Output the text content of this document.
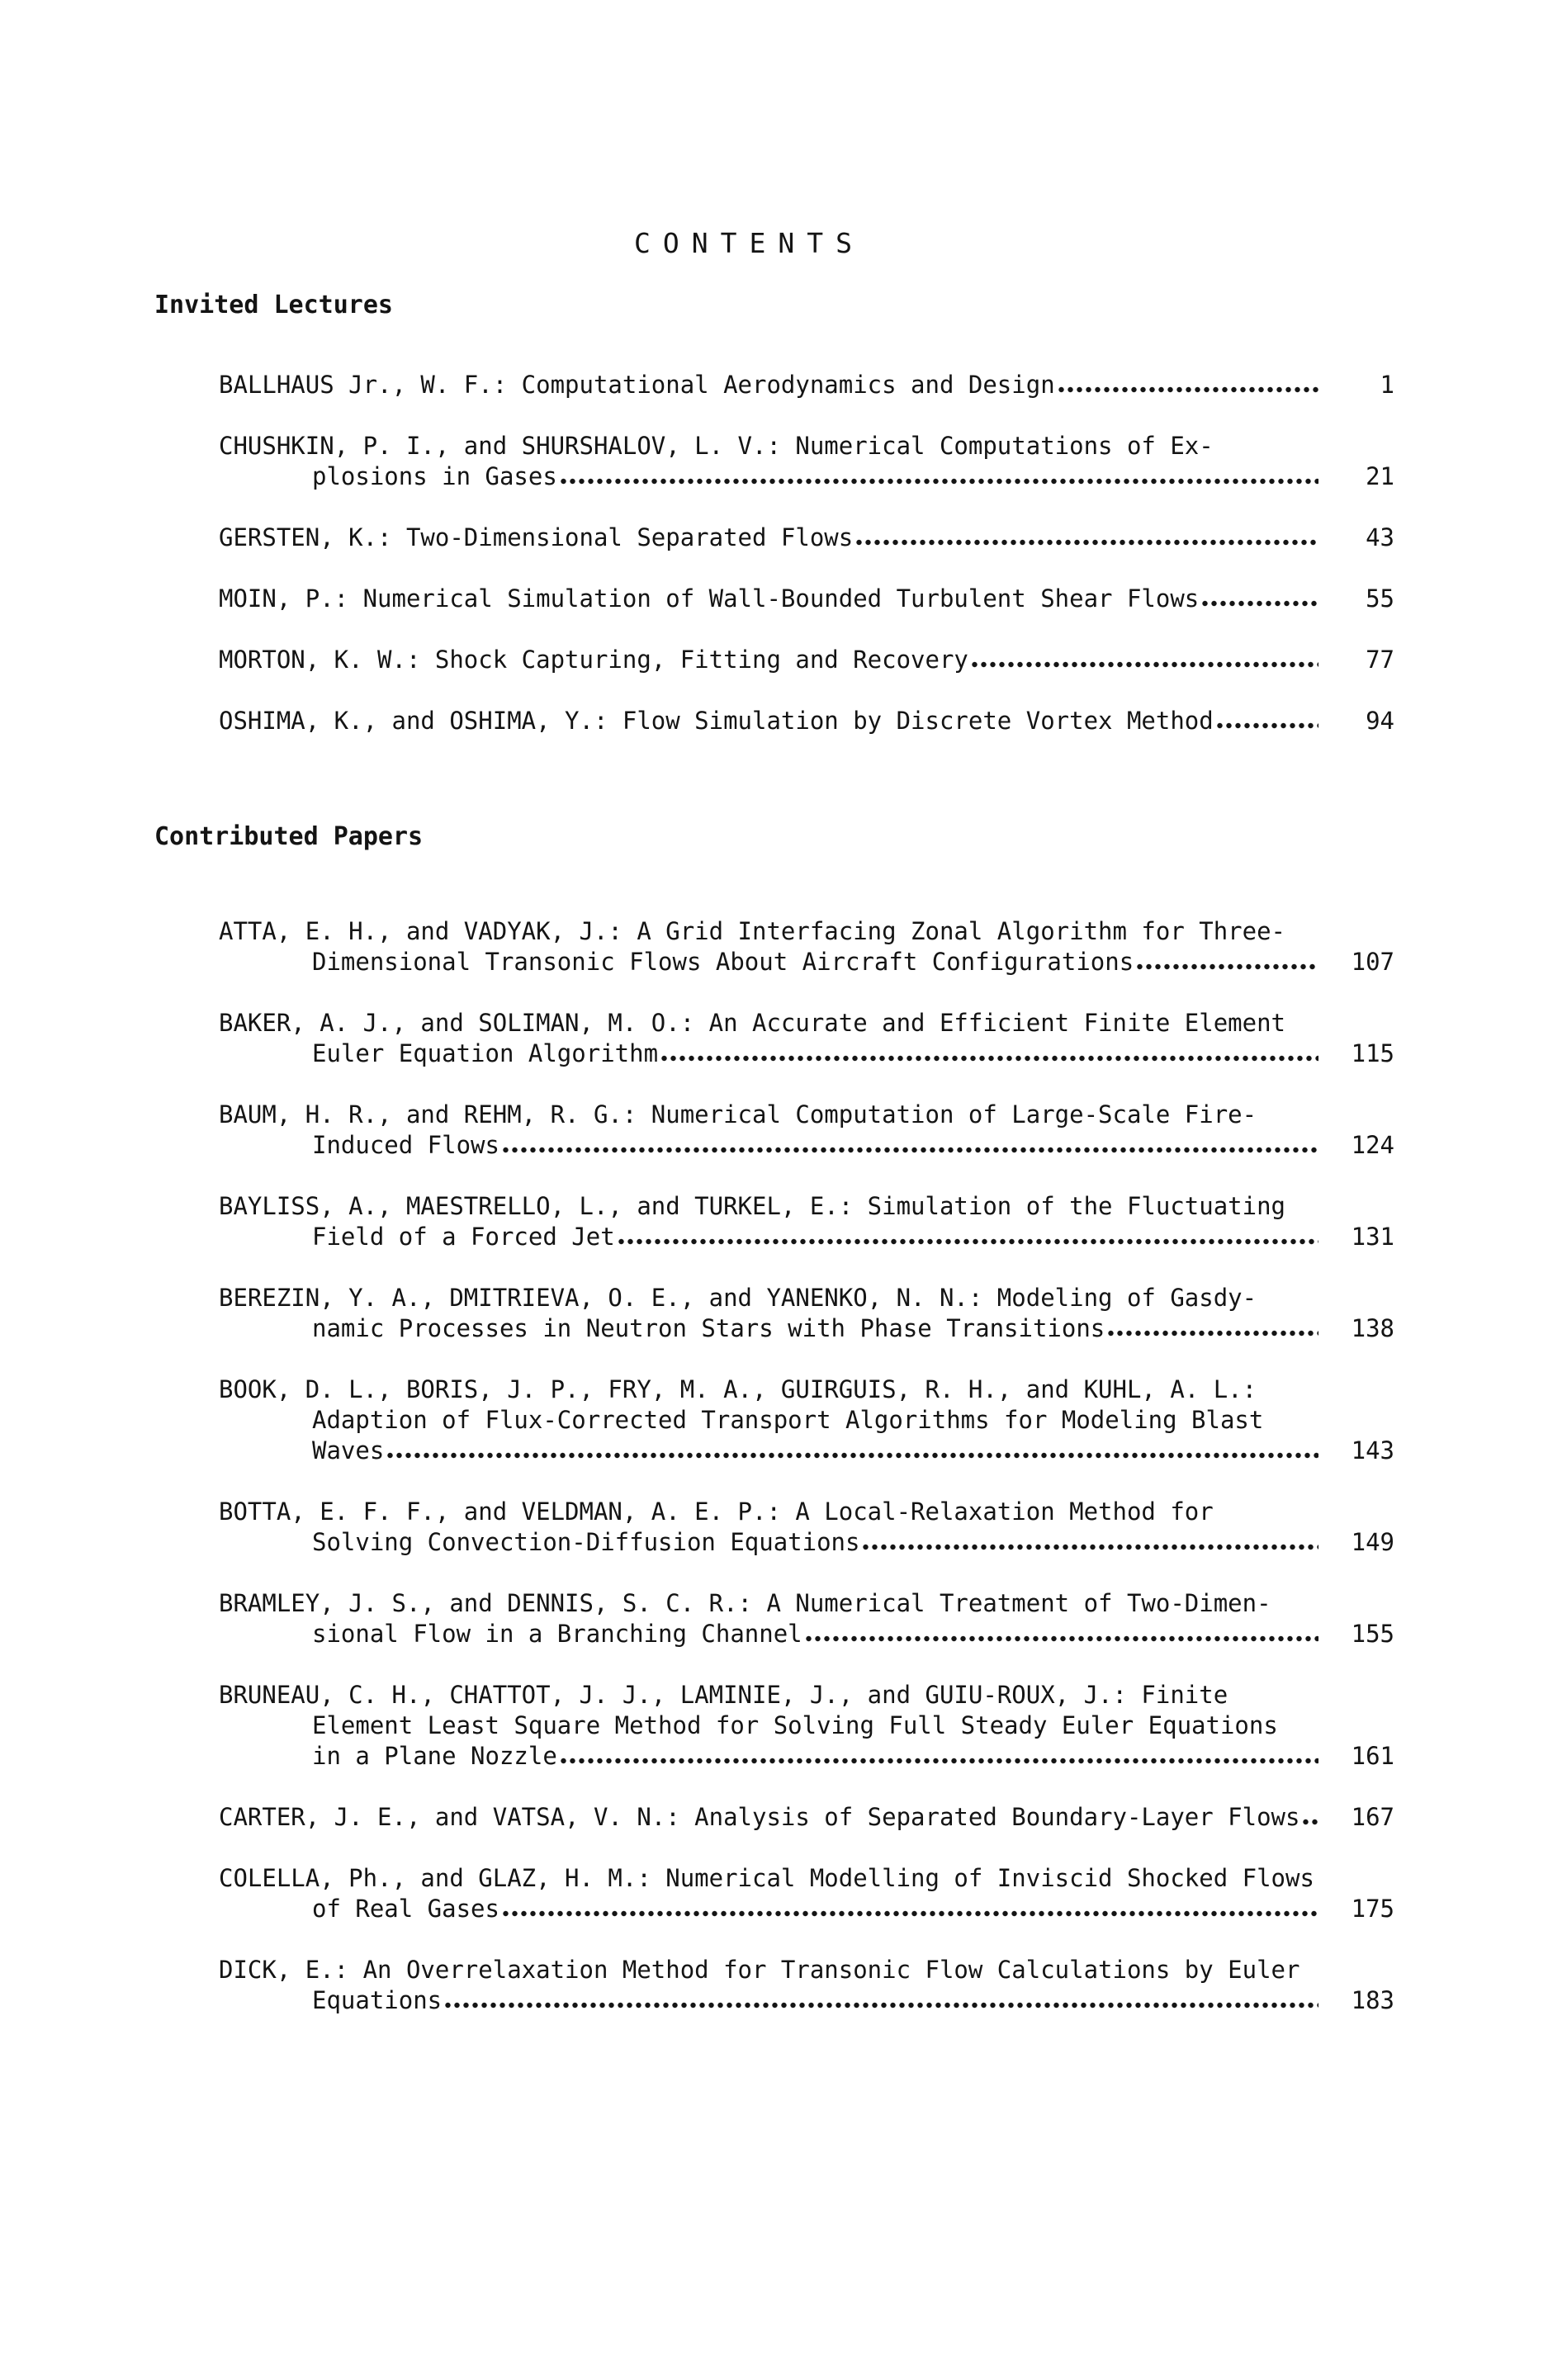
CONTENTS
Invited Lectures
BALLHAUS Jr., W. F.: Computational Aerodynamics and Design	1
CHUSHKIN, P. I., and SHURSHALOV, L. V.: Numerical Computations of Ex-
plosions in Gases	21
GERSTEN, K.: Two-Dimensional Separated Flows	43
MOIN, P.: Numerical Simulation of Wall-Bounded Turbulent Shear Flows	55
MORTON, K. W.: Shock Capturing, Fitting and Recovery	77
OSHIMA, K., and OSHIMA, Y.: Flow Simulation by Discrete Vortex Method	94
Contributed Papers
ATTA, E. H., and VADYAK, J.: A Grid Interfacing Zonal Algorithm for Three-
Dimensional Transonic Flows About Aircraft Configurations	107
BAKER, A. J., and SOLIMAN, M. O.: An Accurate and Efficient Finite Element
Euler Equation Algorithm	115
BAUM, H. R., and REHM, R. G.: Numerical Computation of Large-Scale Fire-
Induced Flows	124
BAYLISS, A., MAESTRELLO, L., and TURKEL, E.: Simulation of the Fluctuating
Field of a Forced Jet	131
BEREZIN, Y. A., DMITRIEVA, O. E., and YANENKO, N. N.: Modeling of Gasdy-
namic Processes in Neutron Stars with Phase Transitions	138
BOOK, D. L., BORIS, J. P., FRY, M. A., GUIRGUIS, R. H., and KUHL, A. L.:
Adaption of Flux-Corrected Transport Algorithms for Modeling Blast
Waves	143
BOTTA, E. F. F., and VELDMAN, A. E. P.: A Local-Relaxation Method for
Solving Convection-Diffusion Equations	149
BRAMLEY, J. S., and DENNIS, S. C. R.: A Numerical Treatment of Two-Dimen-
sional Flow in a Branching Channel	155
BRUNEAU, C. H., CHATTOT, J. J., LAMINIE, J., and GUIU-ROUX, J.: Finite
Element Least Square Method for Solving Full Steady Euler Equations
in a Plane Nozzle	161
CARTER, J. E., and VATSA, V. N.: Analysis of Separated Boundary-Layer Flows	167
COLELLA, Ph., and GLAZ, H. M.: Numerical Modelling of Inviscid Shocked Flows
of Real Gases	175
DICK, E.: An Overrelaxation Method for Transonic Flow Calculations by Euler
Equations	183
